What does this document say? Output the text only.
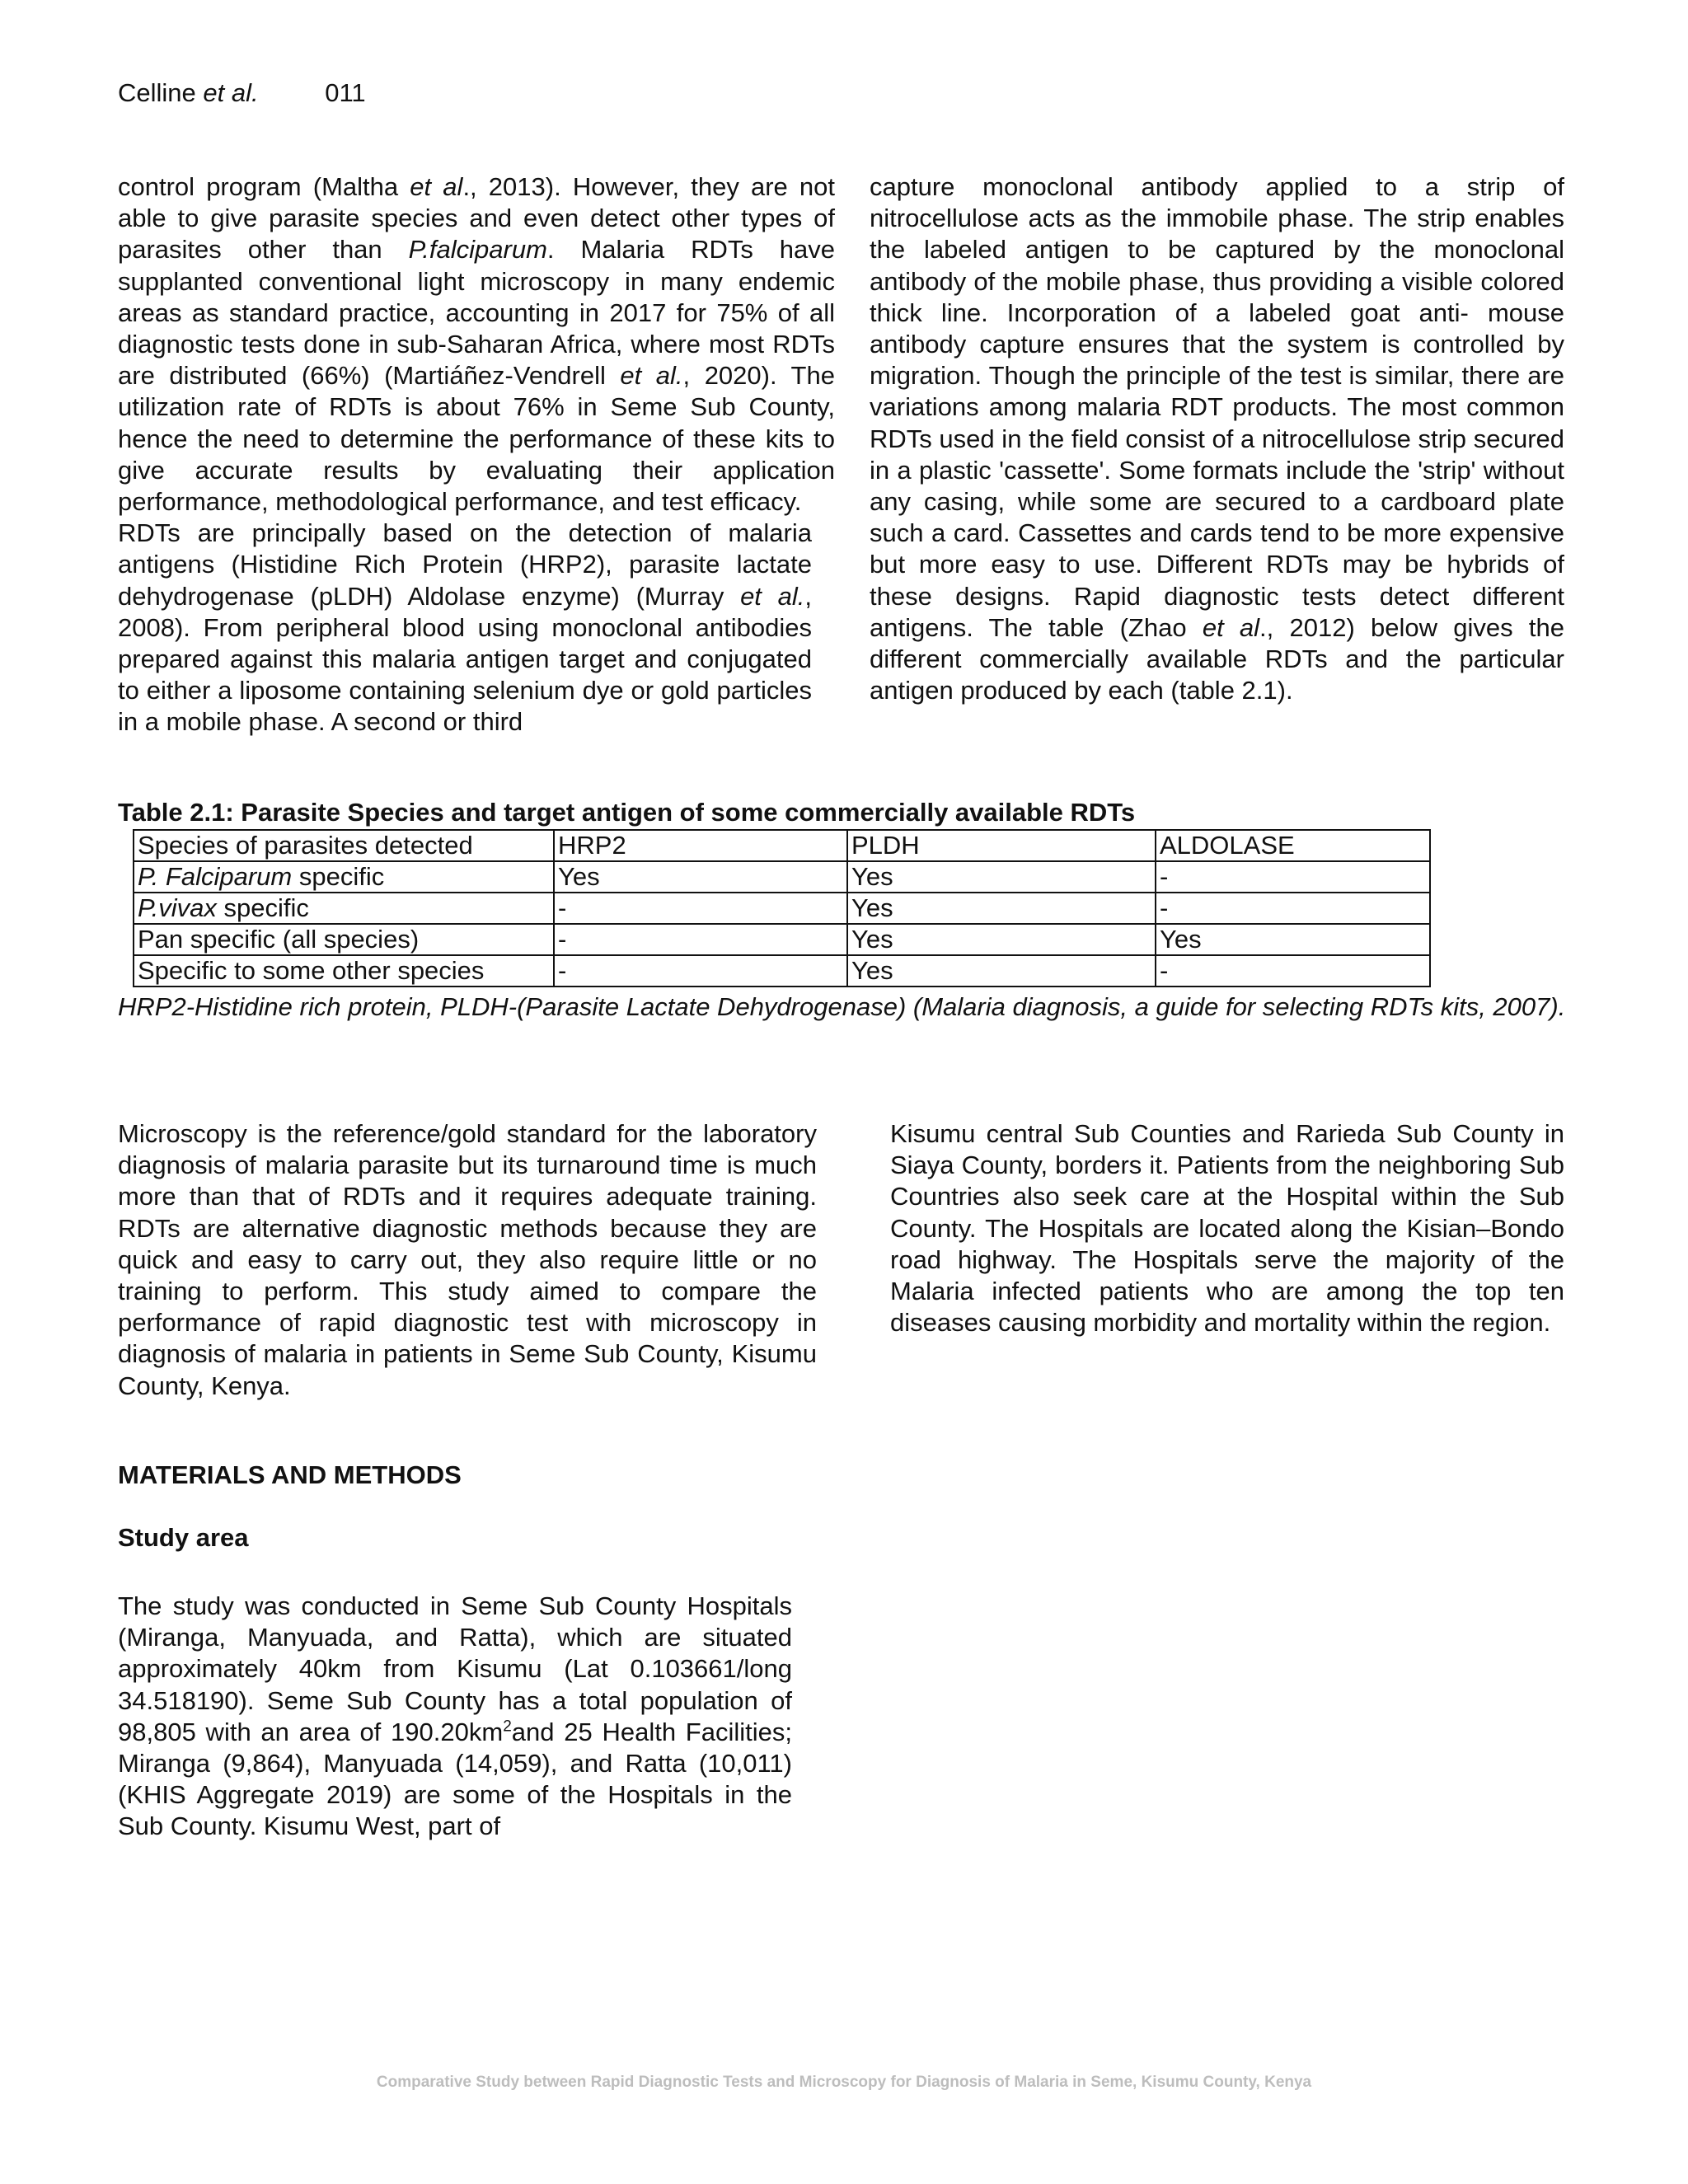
Celline et al.	011

control program (Maltha et al., 2013). However, they are not able to give parasite species and even detect other types of parasites other than P.falciparum. Malaria RDTs have supplanted conventional light microscopy in many endemic areas as standard practice, accounting in 2017 for 75% of all diagnostic tests done in sub-Saharan Africa, where most RDTs are distributed (66%) (Martiáñez-Vendrell et al., 2020). The utilization rate of RDTs is about 76% in Seme Sub County, hence the need to determine the performance of these kits to give accurate results by evaluating their application performance, methodological performance, and test efficacy.

RDTs are principally based on the detection of malaria antigens (Histidine Rich Protein (HRP2), parasite lactate dehydrogenase (pLDH) Aldolase enzyme) (Murray et al., 2008). From peripheral blood using monoclonal antibodies prepared against this malaria antigen target and conjugated to either a liposome containing selenium dye or gold particles in a mobile phase. A second or third

capture monoclonal antibody applied to a strip of nitrocellulose acts as the immobile phase. The strip enables the labeled antigen to be captured by the monoclonal antibody of the mobile phase, thus providing a visible colored thick line. Incorporation of a labeled goat anti- mouse antibody capture ensures that the system is controlled by migration. Though the principle of the test is similar, there are variations among malaria RDT products. The most common RDTs used in the field consist of a nitrocellulose strip secured in a plastic 'cassette'. Some formats include the 'strip' without any casing, while some are secured to a cardboard plate such a card. Cassettes and cards tend to be more expensive but more easy to use. Different RDTs may be hybrids of these designs. Rapid diagnostic tests detect different antigens. The table (Zhao et al., 2012) below gives the different commercially available RDTs and the particular antigen produced by each (table 2.1).

Table 2.1: Parasite Species and target antigen of some commercially available RDTs
Species of parasites detected	HRP2	PLDH	ALDOLASE
P. Falciparum specific	Yes	Yes	-
P.vivax specific	-	Yes	-
Pan specific (all species)	-	Yes	Yes
Specific to some other species	-	Yes	-
HRP2-Histidine rich protein, PLDH-(Parasite Lactate Dehydrogenase) (Malaria diagnosis, a guide for selecting RDTs kits, 2007).

Microscopy is the reference/gold standard for the laboratory diagnosis of malaria parasite but its turnaround time is much more than that of RDTs and it requires adequate training. RDTs are alternative diagnostic methods because they are quick and easy to carry out, they also require little or no training to perform. This study aimed to compare the performance of rapid diagnostic test with microscopy in diagnosis of malaria in patients in Seme Sub County, Kisumu County, Kenya.

Kisumu central Sub Counties and Rarieda Sub County in Siaya County, borders it. Patients from the neighboring Sub Countries also seek care at the Hospital within the Sub County. The Hospitals are located along the Kisian–Bondo road highway. The Hospitals serve the majority of the Malaria infected patients who are among the top ten diseases causing morbidity and mortality within the region.

MATERIALS AND METHODS
Study area

The study was conducted in Seme Sub County Hospitals (Miranga, Manyuada, and Ratta), which are situated approximately 40km from Kisumu (Lat 0.103661/long 34.518190). Seme Sub County has a total population of 98,805 with an area of $190.20km^2and$ 25 Health Facilities; Miranga (9,864), Manyuada (14,059), and Ratta (10,011) (KHIS Aggregate 2019) are some of the Hospitals in the Sub County. Kisumu West, part of

Comparative Study between Rapid Diagnostic Tests and Microscopy for Diagnosis of Malaria in Seme, Kisumu County, Kenya
